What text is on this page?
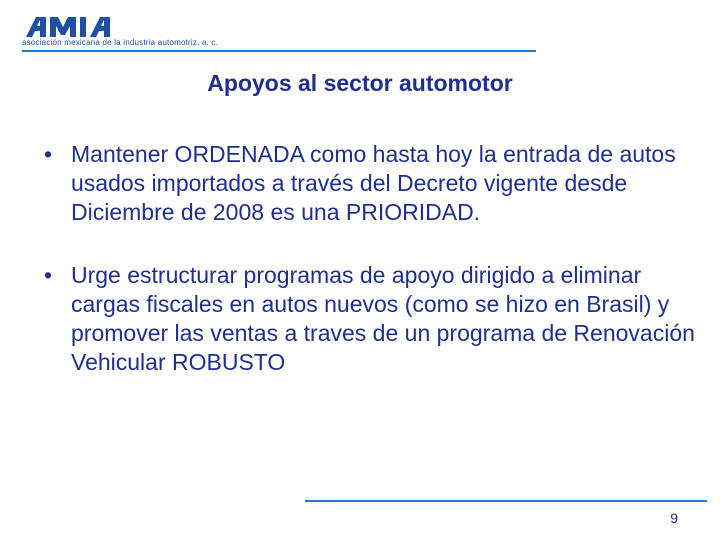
asociación mexicana de la industria automotriz, a. c.
Apoyos al sector automotor
• Mantener ORDENADA como hasta hoy la entrada de autos usados importados a través del Decreto vigente desde Diciembre de 2008 es una PRIORIDAD.
• Urge estructurar programas de apoyo dirigido a eliminar cargas fiscales en autos nuevos (como se hizo en Brasil) y promover las ventas a traves de un programa de Renovación Vehicular ROBUSTO
9
